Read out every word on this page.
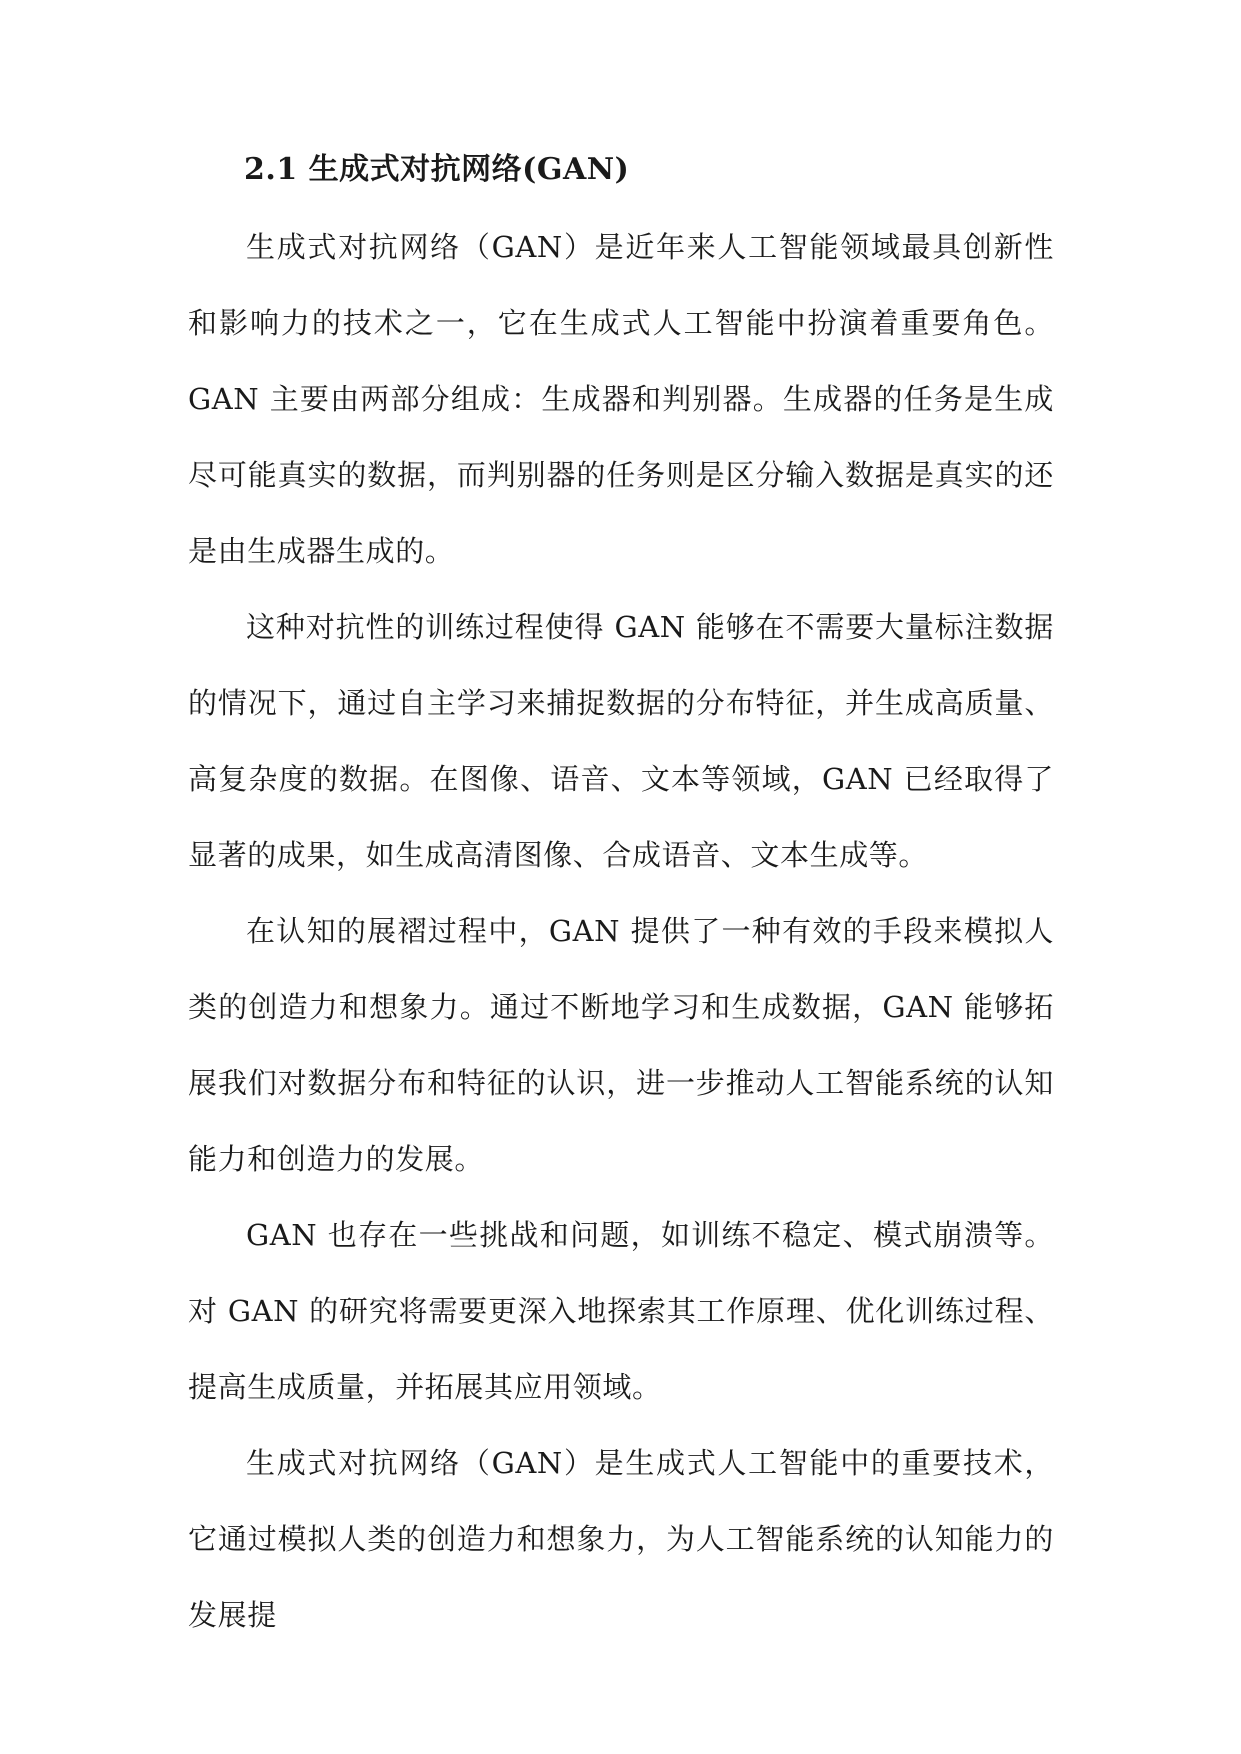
2.1 生成式对抗网络(GAN)

生成式对抗网络（GAN）是近年来人工智能领域最具创新性和影响力的技术之一，它在生成式人工智能中扮演着重要角色。GAN 主要由两部分组成：生成器和判别器。生成器的任务是生成尽可能真实的数据，而判别器的任务则是区分输入数据是真实的还是由生成器生成的。

这种对抗性的训练过程使得 GAN 能够在不需要大量标注数据的情况下，通过自主学习来捕捉数据的分布特征，并生成高质量、高复杂度的数据。在图像、语音、文本等领域，GAN 已经取得了显著的成果，如生成高清图像、合成语音、文本生成等。

在认知的展褶过程中，GAN 提供了一种有效的手段来模拟人类的创造力和想象力。通过不断地学习和生成数据，GAN 能够拓展我们对数据分布和特征的认识，进一步推动人工智能系统的认知能力和创造力的发展。

GAN 也存在一些挑战和问题，如训练不稳定、模式崩溃等。对 GAN 的研究将需要更深入地探索其工作原理、优化训练过程、提高生成质量，并拓展其应用领域。

生成式对抗网络（GAN）是生成式人工智能中的重要技术，它通过模拟人类的创造力和想象力，为人工智能系统的认知能力的发展提
